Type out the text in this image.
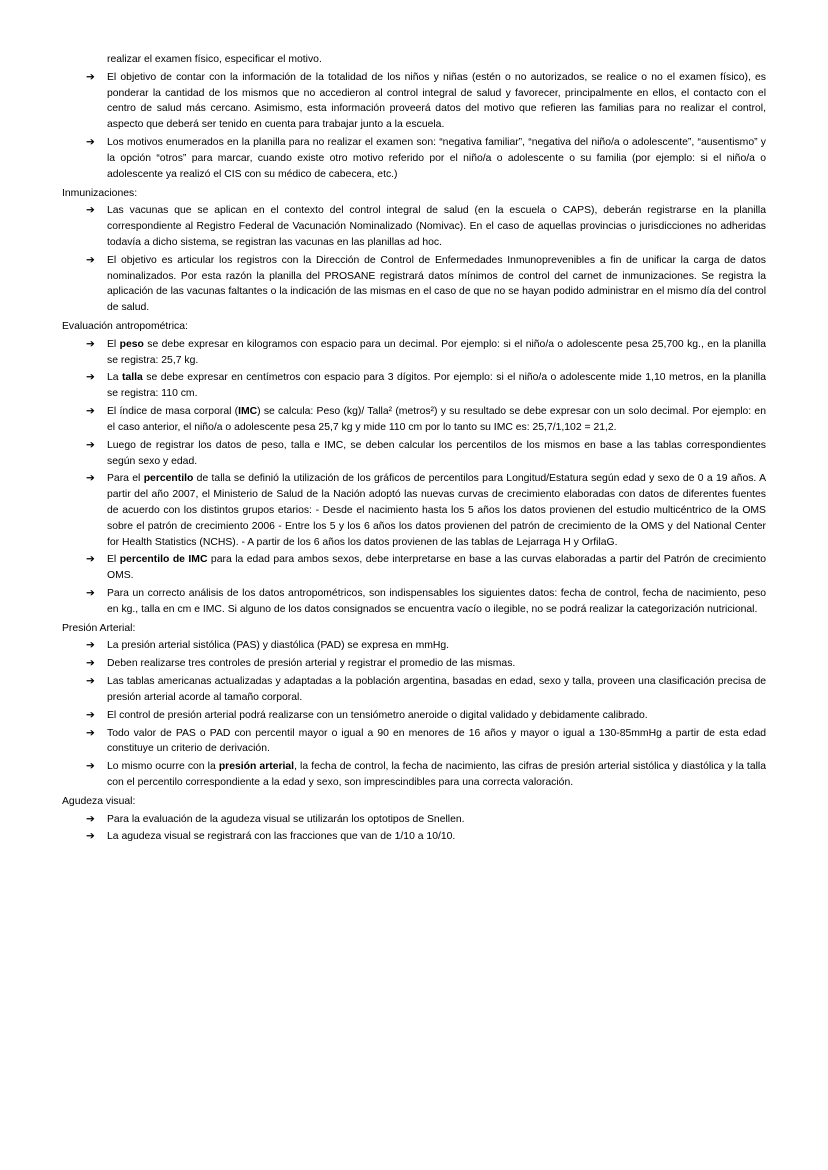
realizar el examen físico, especificar el motivo.
➔ El objetivo de contar con la información de la totalidad de los niños y niñas (estén o no autorizados, se realice o no el examen físico), es ponderar la cantidad de los mismos que no accedieron al control integral de salud y favorecer, principalmente en ellos, el contacto con el centro de salud más cercano. Asimismo, esta información proveerá datos del motivo que refieren las familias para no realizar el control, aspecto que deberá ser tenido en cuenta para trabajar junto a la escuela.
➔ Los motivos enumerados en la planilla para no realizar el examen son: “negativa familiar”, “negativa del niño/a o adolescente”, “ausentismo” y la opción “otros” para marcar, cuando existe otro motivo referido por el niño/a o adolescente o su familia (por ejemplo: si el niño/a o adolescente ya realizó el CIS con su médico de cabecera, etc.)
Inmunizaciones:
➔ Las vacunas que se aplican en el contexto del control integral de salud (en la escuela o CAPS), deberán registrarse en la planilla correspondiente al Registro Federal de Vacunación Nominalizado (Nomivac). En el caso de aquellas provincias o jurisdicciones no adheridas todavía a dicho sistema, se registran las vacunas en las planillas ad hoc.
➔ El objetivo es articular los registros con la Dirección de Control de Enfermedades Inmunoprevenibles a fin de unificar la carga de datos nominalizados. Por esta razón la planilla del PROSANE registrará datos mínimos de control del carnet de inmunizaciones. Se registra la aplicación de las vacunas faltantes o la indicación de las mismas en el caso de que no se hayan podido administrar en el mismo día del control de salud.
Evaluación antropométrica:
➔ El peso se debe expresar en kilogramos con espacio para un decimal. Por ejemplo: si el niño/a o adolescente pesa 25,700 kg., en la planilla se registra: 25,7 kg.
➔ La talla se debe expresar en centímetros con espacio para 3 dígitos. Por ejemplo: si el niño/a o adolescente mide 1,10 metros, en la planilla se registra: 110 cm.
➔ El índice de masa corporal (IMC) se calcula: Peso (kg)/ Talla² (metros²) y su resultado se debe expresar con un solo decimal. Por ejemplo: en el caso anterior, el niño/a o adolescente pesa 25,7 kg y mide 110 cm por lo tanto su IMC es: 25,7/1,102 = 21,2.
➔ Luego de registrar los datos de peso, talla e IMC, se deben calcular los percentilos de los mismos en base a las tablas correspondientes según sexo y edad.
➔ Para el percentilo de talla se definió la utilización de los gráficos de percentilos para Longitud/Estatura según edad y sexo de 0 a 19 años. A partir del año 2007, el Ministerio de Salud de la Nación adoptó las nuevas curvas de crecimiento elaboradas con datos de diferentes fuentes de acuerdo con los distintos grupos etarios: - Desde el nacimiento hasta los 5 años los datos provienen del estudio multicéntrico de la OMS sobre el patrón de crecimiento 2006 - Entre los 5 y los 6 años los datos provienen del patrón de crecimiento de la OMS y del National Center for Health Statistics (NCHS). - A partir de los 6 años los datos provienen de las tablas de Lejarraga H y OrfilaG.
➔ El percentilo de IMC para la edad para ambos sexos, debe interpretarse en base a las curvas elaboradas a partir del Patrón de crecimiento OMS.
➔ Para un correcto análisis de los datos antropométricos, son indispensables los siguientes datos: fecha de control, fecha de nacimiento, peso en kg., talla en cm e IMC. Si alguno de los datos consignados se encuentra vacío o ilegible, no se podrá realizar la categorización nutricional.
Presión Arterial:
➔ La presión arterial sistólica (PAS) y diastólica (PAD) se expresa en mmHg.
➔ Deben realizarse tres controles de presión arterial y registrar el promedio de las mismas.
➔ Las tablas americanas actualizadas y adaptadas a la población argentina, basadas en edad, sexo y talla, proveen una clasificación precisa de presión arterial acorde al tamaño corporal.
➔ El control de presión arterial podrá realizarse con un tensiómetro aneroide o digital validado y debidamente calibrado.
➔ Todo valor de PAS o PAD con percentil mayor o igual a 90 en menores de 16 años y mayor o igual a 130-85mmHg a partir de esta edad constituye un criterio de derivación.
➔ Lo mismo ocurre con la presión arterial, la fecha de control, la fecha de nacimiento, las cifras de presión arterial sistólica y diastólica y la talla con el percentilo correspondiente a la edad y sexo, son imprescindibles para una correcta valoración.
Agudeza visual:
➔ Para la evaluación de la agudeza visual se utilizarán los optotipos de Snellen.
➔ La agudeza visual se registrará con las fracciones que van de 1/10 a 10/10.
